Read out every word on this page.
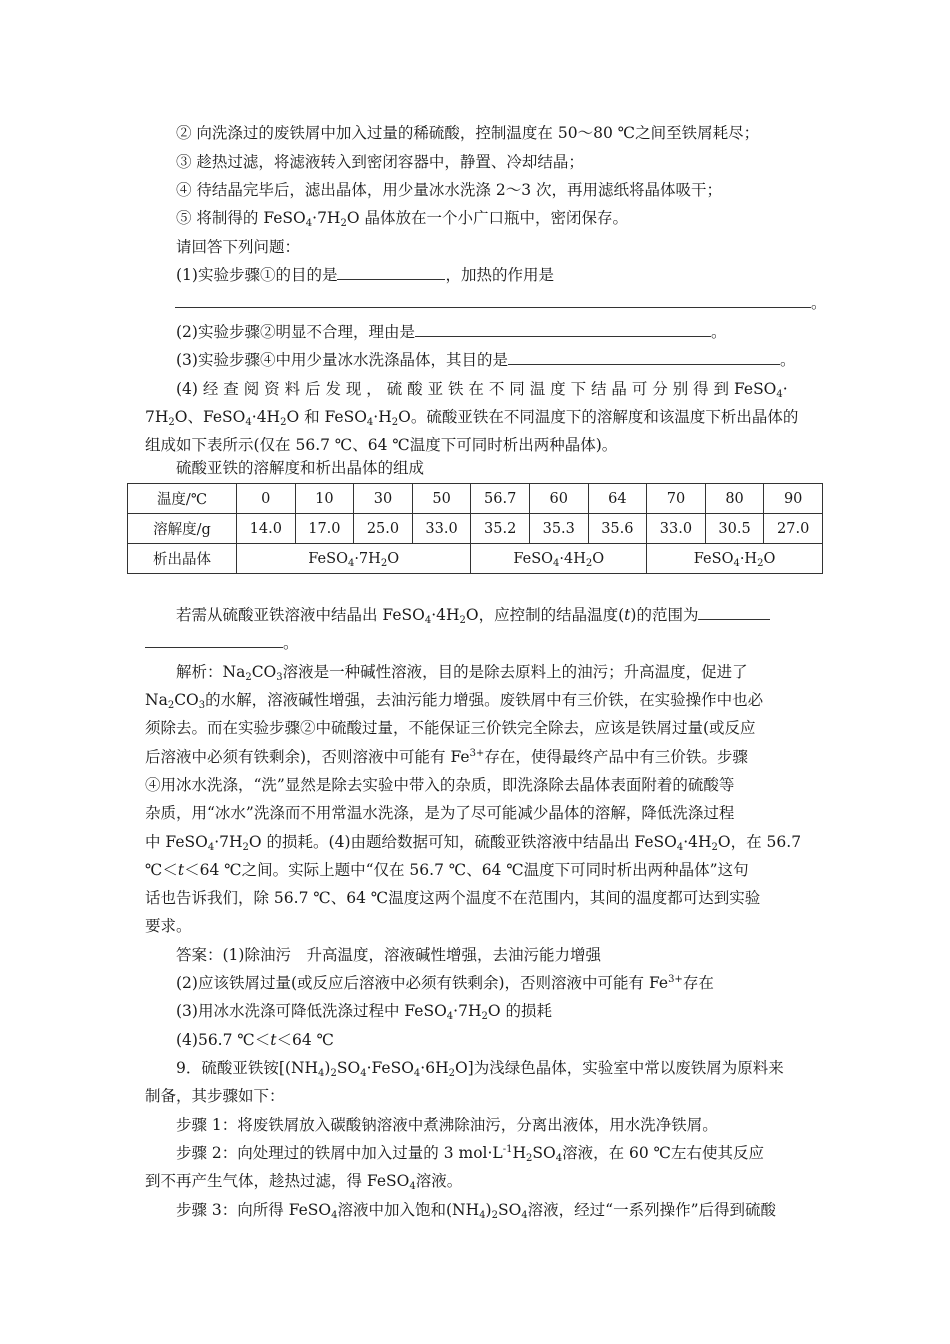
② 向洗涤过的废铁屑中加入过量的稀硫酸，控制温度在 50～80 ℃之间至铁屑耗尽；
③ 趁热过滤，将滤液转入到密闭容器中，静置、冷却结晶；
④ 待结晶完毕后，滤出晶体，用少量冰水洗涤 2～3 次，再用滤纸将晶体吸干；
⑤ 将制得的 $FeSO_4\cdot 7H_2O$ 晶体放在一个小广口瓶中，密闭保存。
请回答下列问题：
(1)实验步骤①的目的是	，加热的作用是
。
(2)实验步骤②明显不合理，理由是	。
(3)实验步骤④中用少量冰水洗涤晶体，其目的是	。
(4) 经 查 阅 资 料 后 发 现 ， 硫 酸 亚 铁 在 不 同 温 度 下 结 晶 可 分 别 得 到 FeSO$_4$·
$7H_2O$、$FeSO_4\cdot 4H_2O$ 和 $FeSO_4\cdot H_2O$。硫酸亚铁在不同温度下的溶解度和该温度下析出晶体的
组成如下表所示(仅在 56.7 ℃、64 ℃温度下可同时析出两种晶体)。
硫酸亚铁的溶解度和析出晶体的组成
温度/℃	0	10	30	50	56.7	60	64	70	80	90
溶解度/g	14.0	17.0	25.0	33.0	35.2	35.3	35.6	33.0	30.5	27.0
析出晶体	$FeSO_4\cdot 7H_2O$				$FeSO_4\cdot 4H_2O$			$FeSO_4\cdot H_2O$		
若需从硫酸亚铁溶液中结晶出 $FeSO_4\cdot 4H_2O$，应控制的结晶温度(t)的范围为
。
解析：$Na_2CO_3$溶液是一种碱性溶液，目的是除去原料上的油污；升高温度，促进了
$Na_2CO_3$的水解，溶液碱性增强，去油污能力增强。废铁屑中有三价铁，在实验操作中也必
须除去。而在实验步骤②中硫酸过量，不能保证三价铁完全除去，应该是铁屑过量(或反应
后溶液中必须有铁剩余)，否则溶液中可能有 $Fe^{3+}$存在，使得最终产品中有三价铁。步骤
④用冰水洗涤，“洗”显然是除去实验中带入的杂质，即洗涤除去晶体表面附着的硫酸等
杂质，用“冰水”洗涤而不用常温水洗涤，是为了尽可能减少晶体的溶解，降低洗涤过程
中 $FeSO_4\cdot 7H_2O$ 的损耗。(4)由题给数据可知，硫酸亚铁溶液中结晶出 $FeSO_4\cdot 4H_2O$，在 56.7
℃＜t＜64 ℃之间。实际上题中“仅在 56.7 ℃、64 ℃温度下可同时析出两种晶体”这句
话也告诉我们，除 56.7 ℃、64 ℃温度这两个温度不在范围内，其间的温度都可达到实验
要求。
答案：(1)除油污　升高温度，溶液碱性增强，去油污能力增强
(2)应该铁屑过量(或反应后溶液中必须有铁剩余)，否则溶液中可能有 $Fe^{3+}$存在
(3)用冰水洗涤可降低洗涤过程中 $FeSO_4\cdot 7H_2O$ 的损耗
(4)56.7 ℃＜t＜64 ℃
9．硫酸亚铁铵$[(NH_4)_2SO_4\cdot FeSO_4\cdot 6H_2O]$为浅绿色晶体，实验室中常以废铁屑为原料来
制备，其步骤如下：
步骤 1：将废铁屑放入碳酸钠溶液中煮沸除油污，分离出液体，用水洗净铁屑。
步骤 2：向处理过的铁屑中加入过量的 3 $mol\cdot L^{-1}H_2SO_4$溶液，在 60 ℃左右使其反应
到不再产生气体，趁热过滤，得 FeSO$_4$溶液。
步骤 3：向所得 FeSO$_4$溶液中加入饱和$(NH_4)_2SO_4$溶液，经过“一系列操作”后得到硫酸
